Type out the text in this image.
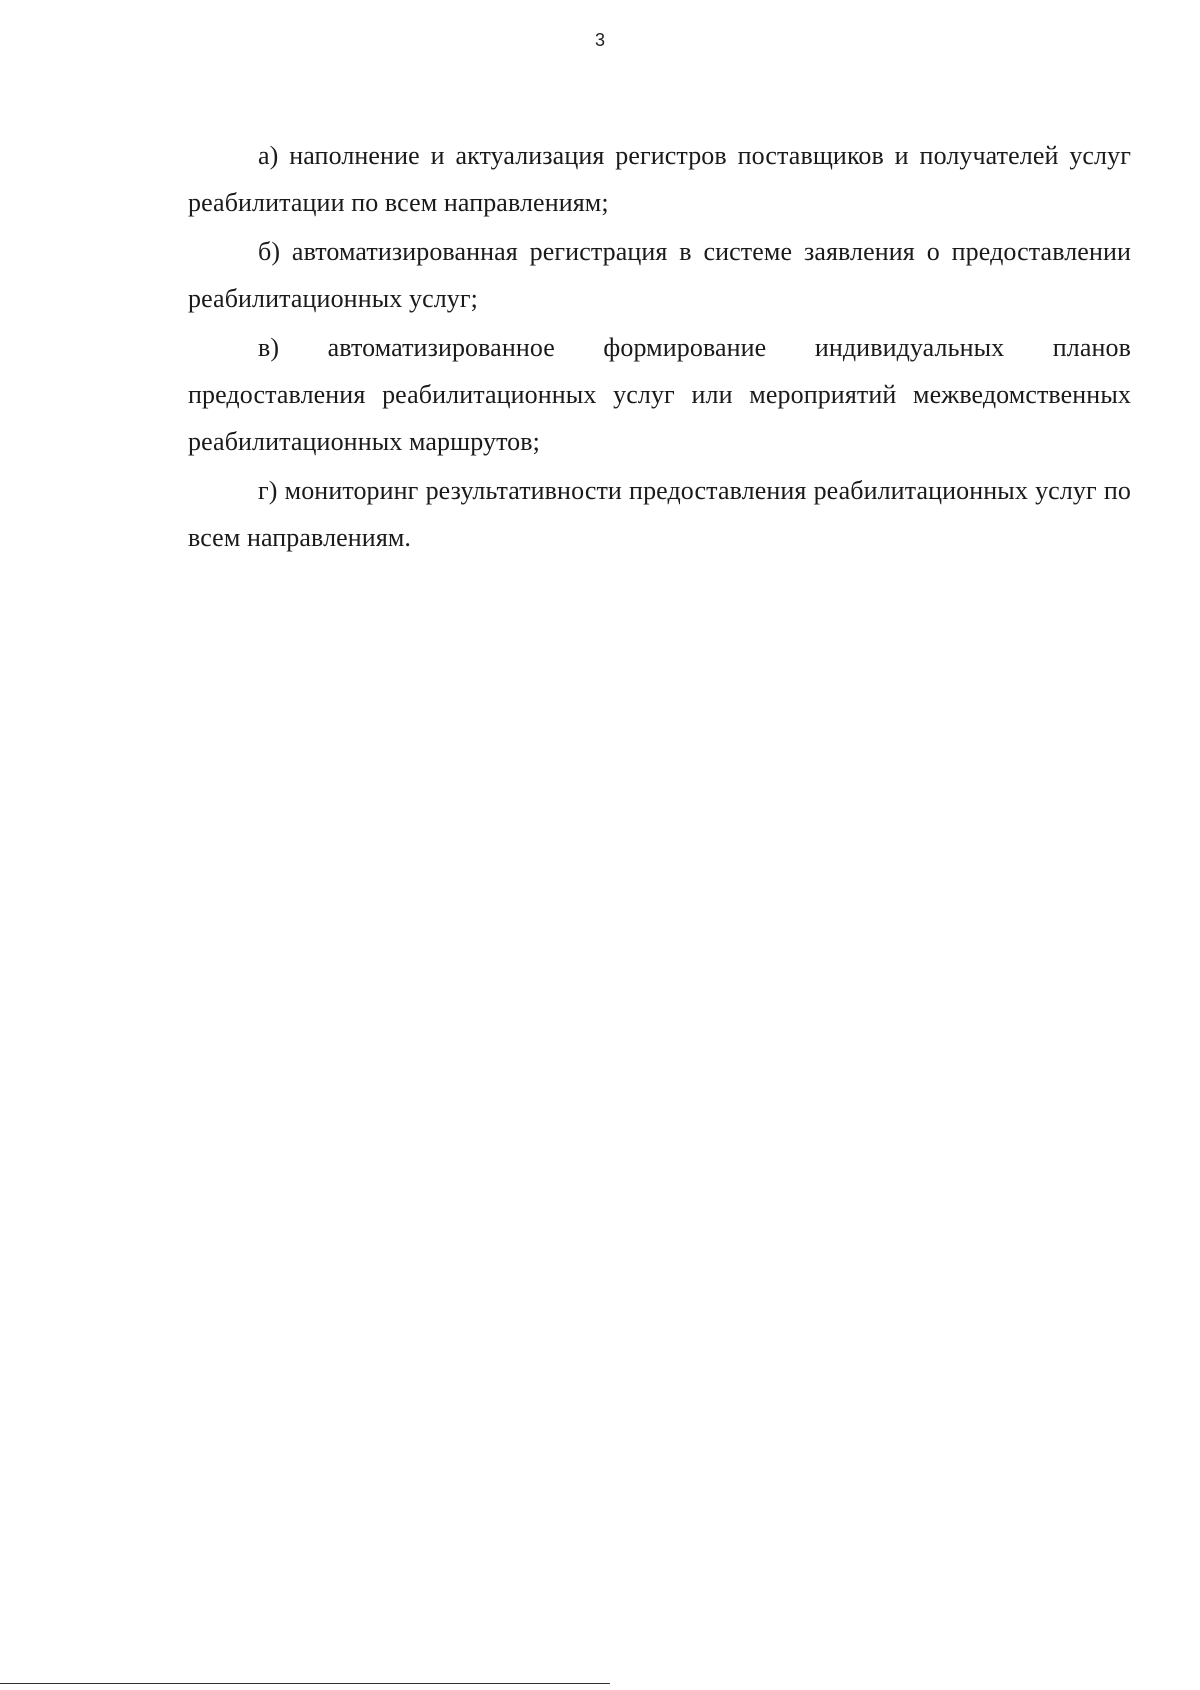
3

а) наполнение и актуализация регистров поставщиков и получателей услуг реабилитации по всем направлениям;

б) автоматизированная регистрация в системе заявления о предоставлении реабилитационных услуг;

в) автоматизированное формирование индивидуальных планов предоставления реабилитационных услуг или мероприятий межведомственных реабилитационных маршрутов;

г) мониторинг результативности предоставления реабилитационных услуг по всем направлениям.
